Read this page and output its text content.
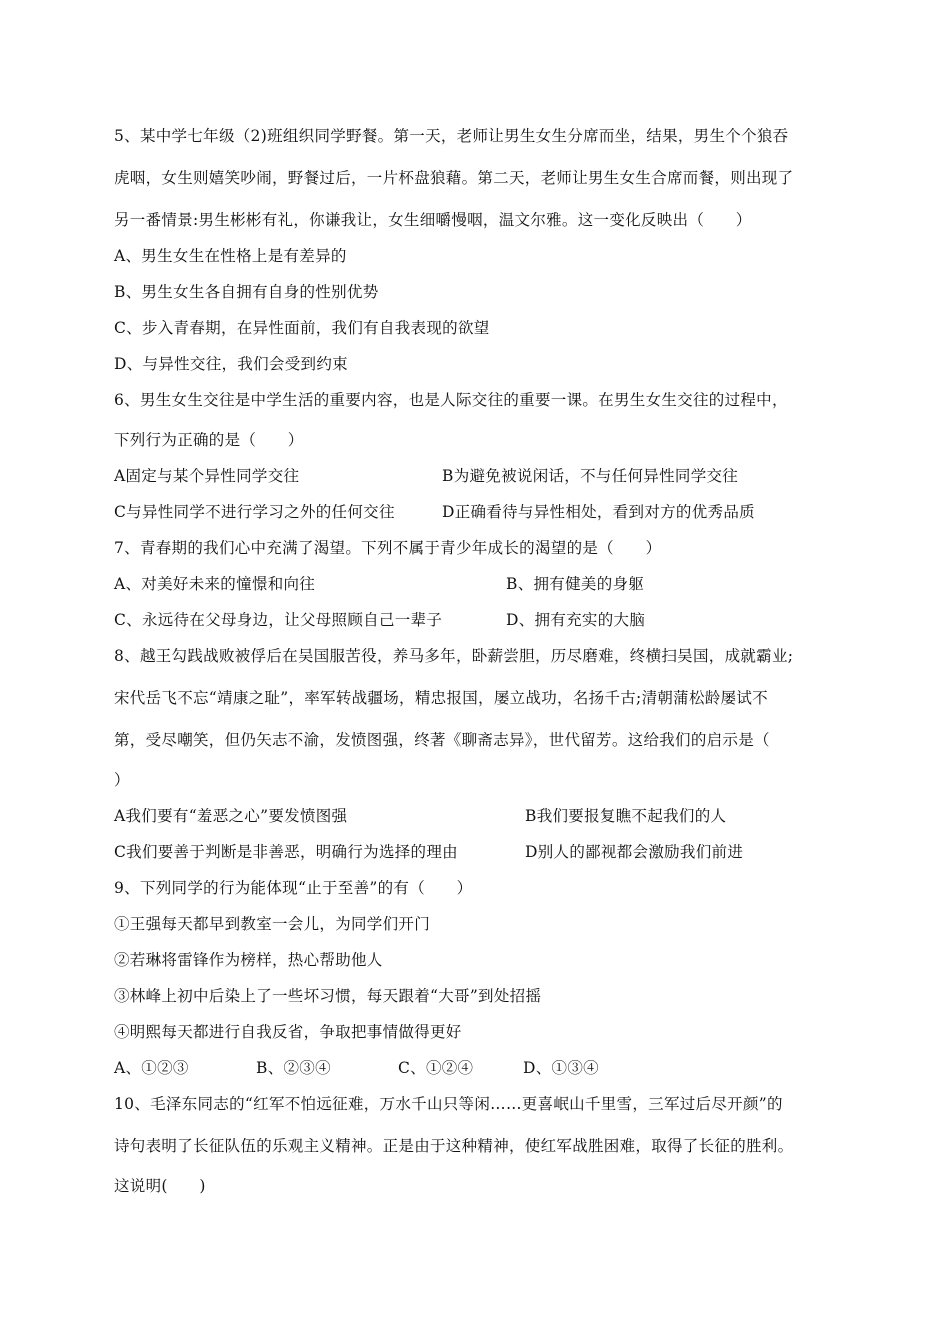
5、某中学七年级（2)班组织同学野餐。第一天，老师让男生女生分席而坐，结果，男生个个狼吞
虎咽，女生则嬉笑吵闹，野餐过后，一片杯盘狼藉。第二天，老师让男生女生合席而餐，则出现了
另一番情景:男生彬彬有礼，你谦我让，女生细嚼慢咽，温文尔雅。这一变化反映出（　　）
A、男生女生在性格上是有差异的
B、男生女生各自拥有自身的性别优势
C、步入青春期，在异性面前，我们有自我表现的欲望
D、与异性交往，我们会受到约束
6、男生女生交往是中学生活的重要内容，也是人际交往的重要一课。在男生女生交往的过程中，
下列行为正确的是（　　）
A固定与某个异性同学交往	B为避免被说闲话，不与任何异性同学交往
C与异性同学不进行学习之外的任何交往	D正确看待与异性相处，看到对方的优秀品质
7、青春期的我们心中充满了渴望。下列不属于青少年成长的渴望的是（　　）
A、对美好未来的憧憬和向往	B、拥有健美的身躯
C、永远待在父母身边，让父母照顾自己一辈子	D、拥有充实的大脑
8、越王勾践战败被俘后在吴国服苦役，养马多年，卧薪尝胆，历尽磨难，终横扫吴国，成就霸业;
宋代岳飞不忘“靖康之耻”，率军转战疆场，精忠报国，屡立战功，名扬千古;清朝蒲松龄屡试不
第，受尽嘲笑，但仍矢志不渝，发愤图强，终著《聊斋志异》，世代留芳。这给我们的启示是（
）
A我们要有“羞恶之心”要发愤图强	B我们要报复瞧不起我们的人
C我们要善于判断是非善恶，明确行为选择的理由	D别人的鄙视都会激励我们前进
9、下列同学的行为能体现“止于至善”的有（　　）
①王强每天都早到教室一会儿，为同学们开门
②若琳将雷锋作为榜样，热心帮助他人
③林峰上初中后染上了一些坏习惯，每天跟着“大哥”到处招摇
④明熙每天都进行自我反省，争取把事情做得更好
A、①②③	B、②③④	C、①②④	D、①③④
10、毛泽东同志的“红军不怕远征难，万水千山只等闲……更喜岷山千里雪，三军过后尽开颜”的
诗句表明了长征队伍的乐观主义精神。正是由于这种精神，使红军战胜困难，取得了长征的胜利。
这说明(　　)
